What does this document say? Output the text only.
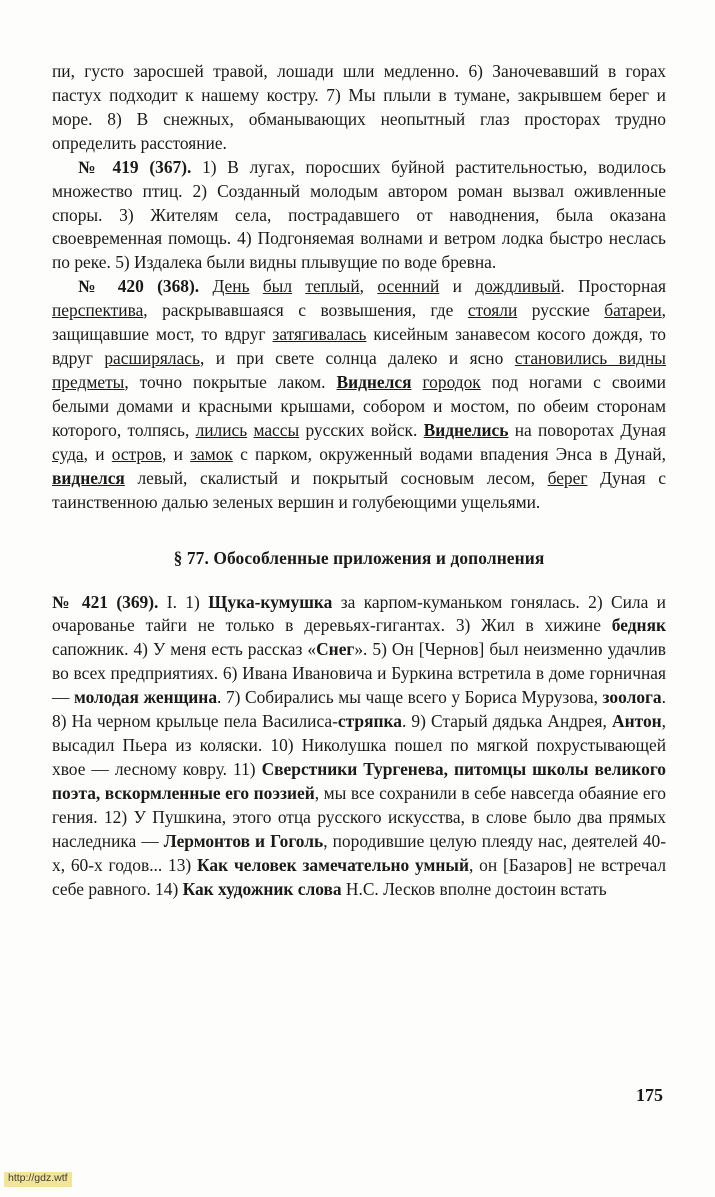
пи, густо заросшей травой, лошади шли медленно. 6) Заночевавший в горах пастух подходит к нашему костру. 7) Мы плыли в тумане, закрывшем берег и море. 8) В снежных, обманывающих неопытный глаз просторах трудно определить расстояние.

№ 419 (367). 1) В лугах, поросших буйной растительностью, водилось множество птиц. 2) Созданный молодым автором роман вызвал оживленные споры. 3) Жителям села, пострадавшего от наводнения, была оказана своевременная помощь. 4) Подгоняемая волнами и ветром лодка быстро неслась по реке. 5) Издалека были видны плывущие по воде бревна.

№ 420 (368). День был теплый, осенний и дождливый. Просторная перспектива, раскрывавшаяся с возвышения, где стояли русские батареи, защищавшие мост, то вдруг затягивалась кисейным занавесом косого дождя, то вдруг расширялась, и при свете солнца далеко и ясно становились видны предметы, точно покрытые лаком. Виднелся городок под ногами с своими белыми домами и красными крышами, собором и мостом, по обеим сторонам которого, толпясь, лились массы русских войск. Виднелись на поворотах Дуная суда, и остров, и замок с парком, окруженный водами впадения Энса в Дунай, виднелся левый, скалистый и покрытый сосновым лесом, берег Дуная с таинственною далью зеленых вершин и голубеющими ущельями.

§ 77. Обособленные приложения и дополнения

№ 421 (369). I. 1) Щука-кумушка за карпом-куманьком гонялась. 2) Сила и очарованье тайги не только в деревьях-гигантах. 3) Жил в хижине бедняк сапожник. 4) У меня есть рассказ «Снег». 5) Он [Чернов] был неизменно удачлив во всех предприятиях. 6) Ивана Ивановича и Буркина встретила в доме горничная — молодая женщина. 7) Собирались мы чаще всего у Бориса Мурузова, зоолога. 8) На черном крыльце пела Василиса-стряпка. 9) Старый дядька Андрея, Антон, высадил Пьера из коляски. 10) Николушка пошел по мягкой похрустывающей хвое — лесному ковру. 11) Сверстники Тургенева, питомцы школы великого поэта, вскормленные его поэзией, мы все сохранили в себе навсегда обаяние его гения. 12) У Пушкина, этого отца русского искусства, в слове было два прямых наследника — Лермонтов и Гоголь, породившие целую плеяду нас, деятелей 40-х, 60-х годов... 13) Как человек замечательно умный, он [Базаров] не встречал себе равного. 14) Как художник слова Н.С. Лесков вполне достоин встать

175
http://gdz.wtf
